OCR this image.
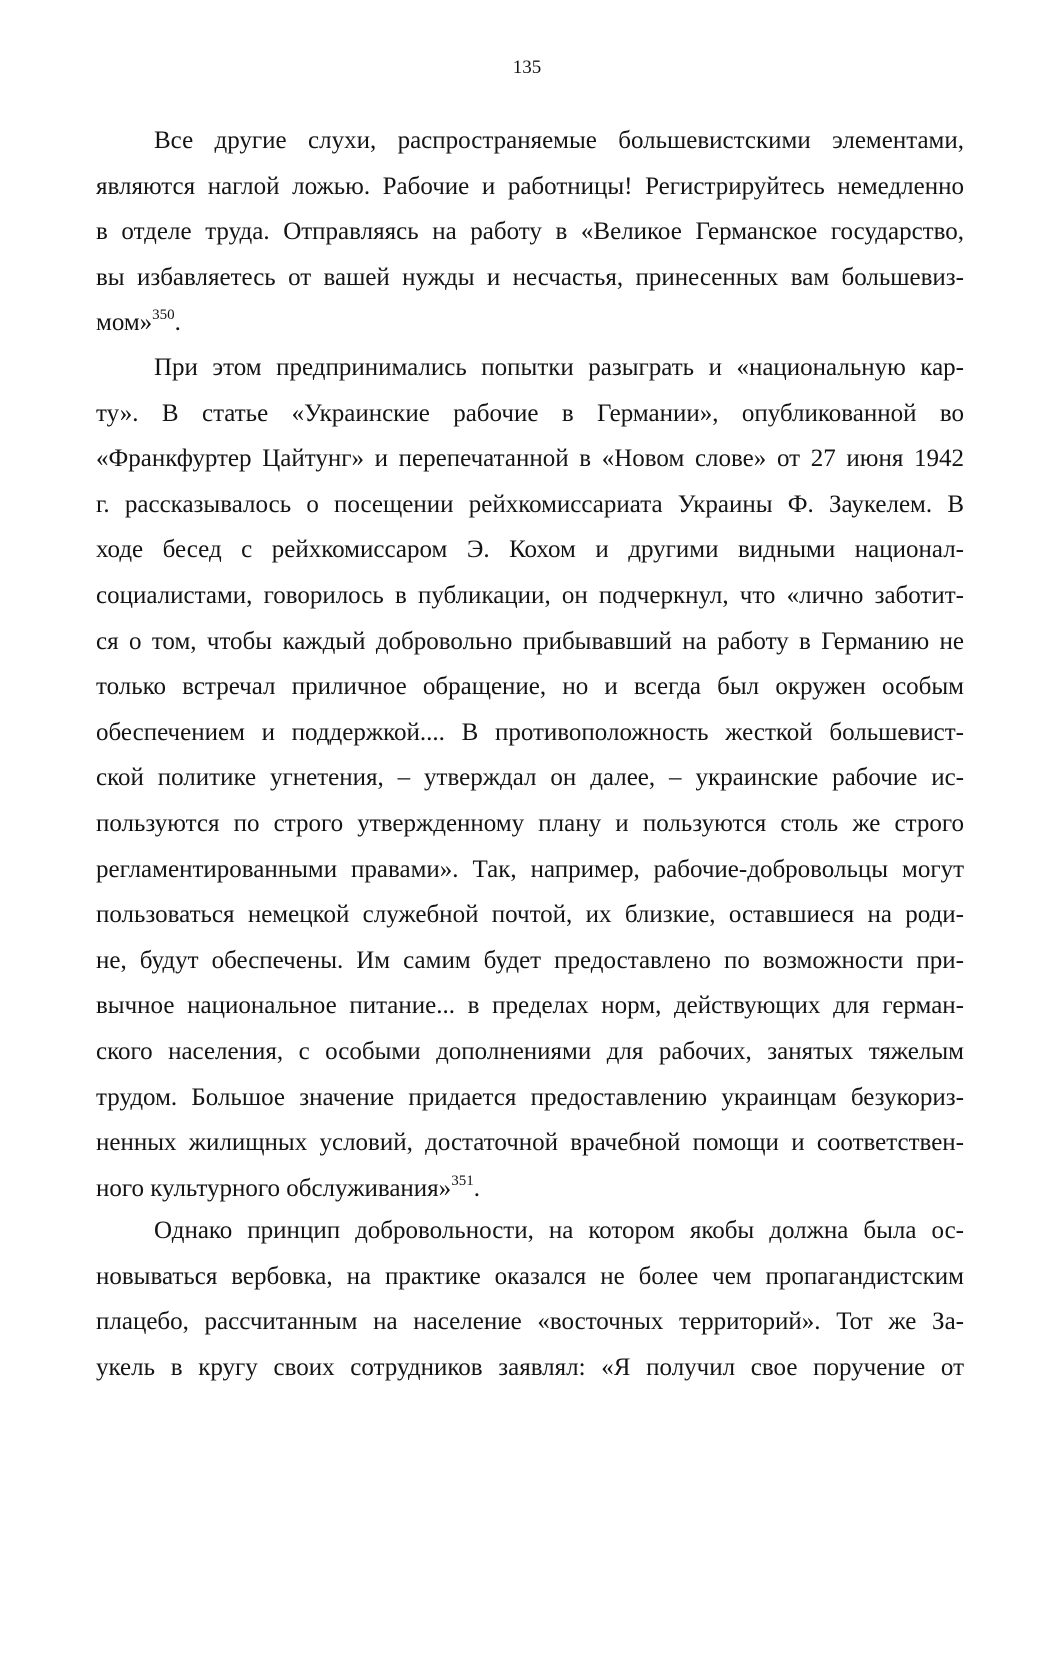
135
Все другие слухи, распространяемые большевистскими элементами,
являются наглой ложью. Рабочие и работницы! Регистрируйтесь немедленно
в отделе труда. Отправляясь на работу в «Великое Германское государство,
вы избавляетесь от вашей нужды и несчастья, принесенных вам большевиз-
мом»$^{350}$.
При этом предпринимались попытки разыграть и «национальную кар-
ту». В статье «Украинские рабочие в Германии», опубликованной во
«Франкфуртер Цайтунг» и перепечатанной в «Новом слове» от 27 июня 1942
г. рассказывалось о посещении рейхкомиссариата Украины Ф. Заукелем. В
ходе бесед с рейхкомиссаром Э. Кохом и другими видными национал-
социалистами, говорилось в публикации, он подчеркнул, что «лично заботит-
ся о том, чтобы каждый добровольно прибывавший на работу в Германию не
только встречал приличное обращение, но и всегда был окружен особым
обеспечением и поддержкой.... В противоположность жесткой большевист-
ской политике угнетения, – утверждал он далее, – украинские рабочие ис-
пользуются по строго утвержденному плану и пользуются столь же строго
регламентированными правами». Так, например, рабочие-добровольцы могут
пользоваться немецкой служебной почтой, их близкие, оставшиеся на роди-
не, будут обеспечены. Им самим будет предоставлено по возможности при-
вычное национальное питание... в пределах норм, действующих для герман-
ского населения, с особыми дополнениями для рабочих, занятых тяжелым
трудом. Большое значение придается предоставлению украинцам безукориз-
ненных жилищных условий, достаточной врачебной помощи и соответствен-
ного культурного обслуживания»$^{351}$.
Однако принцип добровольности, на котором якобы должна была ос-
новываться вербовка, на практике оказался не более чем пропагандистским
плацебо, рассчитанным на население «восточных территорий». Тот же За-
укель в кругу своих сотрудников заявлял: «Я получил свое поручение от
